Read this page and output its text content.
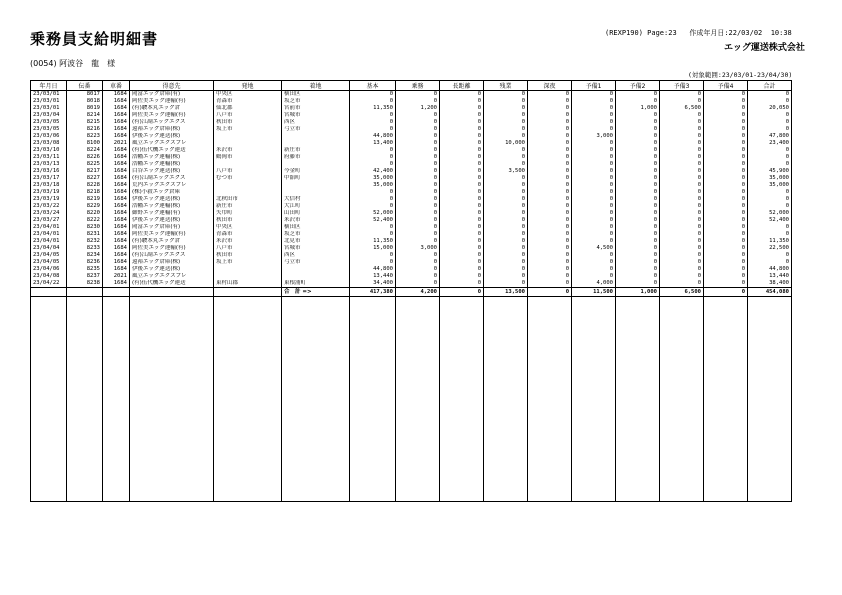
乗務員支給明細書	(REXP190) Page:23 作成年月日:22/03/02 10:38
エッグ運送株式会社
(0054) 阿波谷　龍　様
(対象範囲:23/03/01-23/04/30)
年月日	伝番	車番	得意先	発地	着地	基本	乗務	長距離	残業	深夜	予備1	予備2	予備3	予備4	合計
23/03/01	8017	1684	岡富エッグ倉庫(有)	中央区	横田区	0	0	0	0	0	0	0	0	0	0
23/03/01	8018	1684	阿佐美エッグ運輸(有)	青森市	坂芝市	0	0	0	0	0	0	0	0	0	0
23/03/01	8019	1684	(有)駿本丸エッグ倉	仙北郡	宮前市	11,350	1,200	0	0	0	0	1,000	6,500	0	20,050
23/03/04	8214	1684	阿佐美エッグ運輸(有)	八戸市	宮城市	0	0	0	0	0	0	0	0	0	0
23/03/05	8215	1684	(有)江副エッグエクス	秋田市	西区	0	0	0	0	0	0	0	0	0	0
23/03/05	8216	1684	遠裕エッグ倉庫(株)	坂上市	弓立市	0	0	0	0	0	0	0	0	0	0
23/03/06	8223	1684	伊後エッグ運送(株)			44,800	0	0	0	0	3,000	0	0	0	47,800
23/03/08	8100	2021	風立エッグエクスプレ			13,400	0	0	10,000	0	0	0	0	0	23,400
23/03/10	8224	1684	(有)伍代機エッグ運送	米沢市	新庄市	0	0	0	0	0	0	0	0	0	0
23/03/11	8226	1684	浩幡エッグ運輸(株)	鶴岡市	府藤市	0	0	0	0	0	0	0	0	0	0
23/03/13	8225	1684	浩幡エッグ運輸(株)			0	0	0	0	0	0	0	0	0	0
23/03/16	8217	1684	白谷エッグ運送(株)	八戸市	今金町	42,400	0	0	3,500	0	0	0	0	0	45,900
23/03/17	8227	1684	(有)江副エッグエクス	むつ市	中舘町	35,000	0	0	0	0	0	0	0	0	35,000
23/03/18	8228	1684	荒内エッグエクスプレ			35,000	0	0	0	0	0	0	0	0	35,000
23/03/19	8218	1684	(株)小殺エッグ倉庫			0	0	0	0	0	0	0	0	0	0
23/03/19	8219	1684	伊後エッグ運送(株)	北秋田市	大信村	0	0	0	0	0	0	0	0	0	0
23/03/22	8229	1684	浩幡エッグ運輸(株)	新庄市	大江町	0	0	0	0	0	0	0	0	0	0
23/03/24	8220	1684	御野エッグ運輸(有)	矢巾町	山田町	52,000	0	0	0	0	0	0	0	0	52,000
23/03/27	8222	1684	伊後エッグ運送(株)	秋田市	米沢市	52,400	0	0	0	0	0	0	0	0	52,400
23/04/01	8230	1684	岡富エッグ倉庫(有)	中央区	横田区	0	0	0	0	0	0	0	0	0	0
23/04/01	8231	1684	阿佐美エッグ運輸(有)	青森市	坂芝市	0	0	0	0	0	0	0	0	0	0
23/04/01	8232	1684	(有)駿本丸エッグ倉	米沢市	北見市	11,350	0	0	0	0	0	0	0	0	11,350
23/04/04	8233	1684	阿佐美エッグ運輸(有)	八戸市	宮城市	15,000	3,000	0	0	0	4,500	0	0	0	22,500
23/04/05	8234	1684	(有)江副エッグエクス	秋田市	西区	0	0	0	0	0	0	0	0	0	0
23/04/05	8236	1684	遠裕エッグ倉庫(株)	坂上市	弓立市	0	0	0	0	0	0	0	0	0	0
23/04/06	8235	1684	伊後エッグ運送(株)			44,800	0	0	0	0	0	0	0	0	44,800
23/04/08	8237	2021	風立エッグエクスプレ			13,440	0	0	0	0	0	0	0	0	13,440
23/04/22	8238	1684	(有)伍代機エッグ運送	東村山郡	東根浦町	34,400	0	0	0	0	4,000	0	0	0	38,400
					合　計 =>	417,380	4,200	0	13,500	0	11,500	1,000	6,500	0	454,080
